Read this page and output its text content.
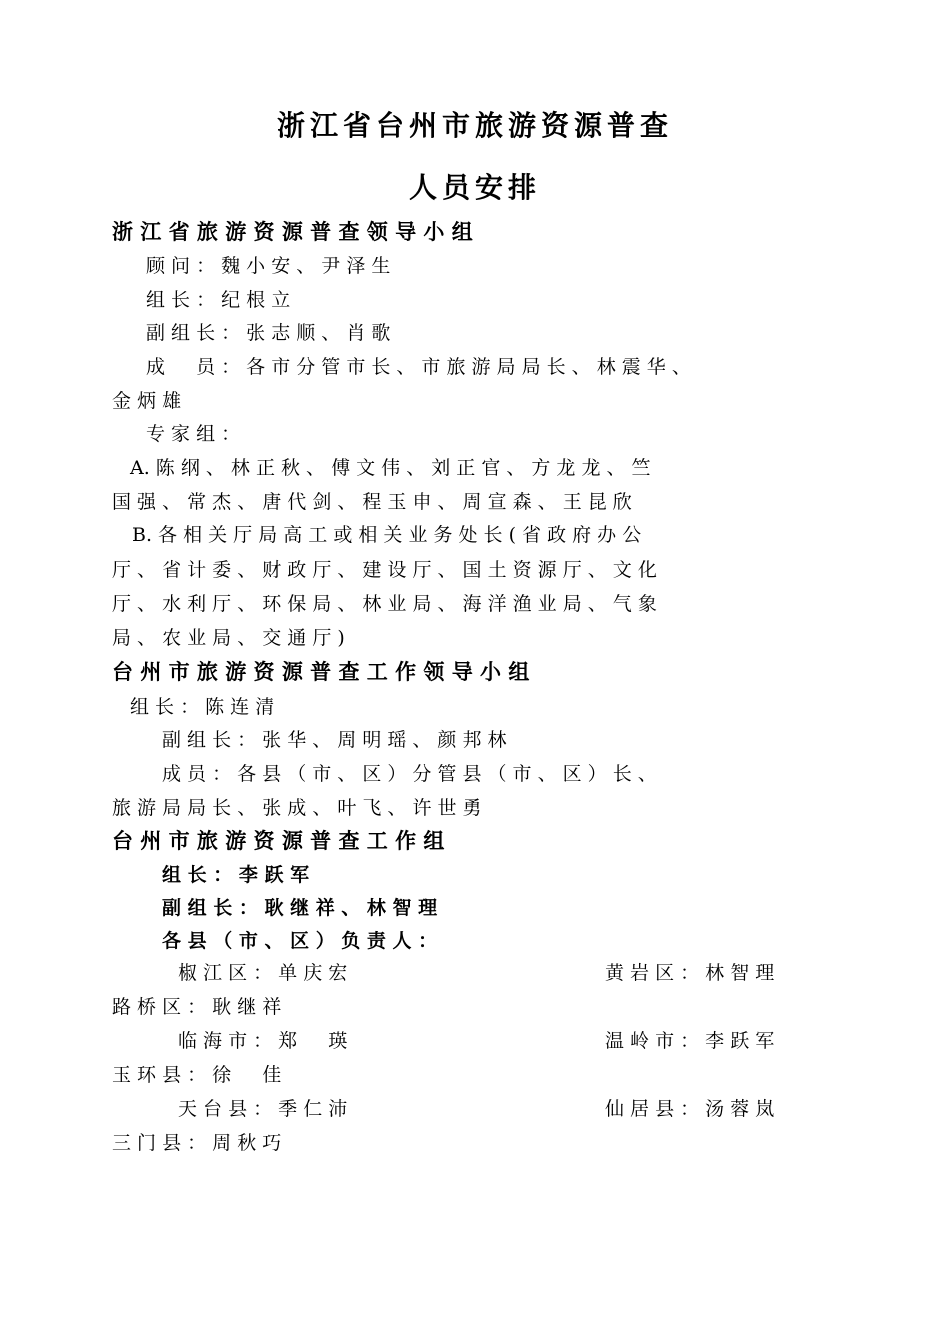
浙江省台州市旅游资源普查
人员安排
浙 江 省 旅 游 资 源 普 查 领 导 小 组
顾 问 ： 魏 小 安 、 尹 泽 生
组 长 ： 纪 根 立
副 组 长 ： 张 志 顺 、 肖 歌
成 　 员 ： 各 市 分 管 市 长 、 市 旅 游 局 局 长 、 林 震 华 、
金 炳 雄
专 家 组 ：
A. 陈 纲 、 林 正 秋 、 傅 文 伟 、 刘 正 官 、 方 龙 龙 、 竺
国 强 、 常 杰 、 唐 代 剑 、 程 玉 申 、 周 宣 森 、 王 昆 欣
B. 各 相 关 厅 局 高 工 或 相 关 业 务 处 长 ( 省 政 府 办 公
厅 、 省 计 委 、 财 政 厅 、 建 设 厅 、 国 土 资 源 厅 、 文 化
厅 、 水 利 厅 、 环 保 局 、 林 业 局 、 海 洋 渔 业 局 、 气 象
局 、 农 业 局 、 交 通 厅 )
台 州 市 旅 游 资 源 普 查 工 作 领 导 小 组
组 长 ： 陈 连 清
副 组 长 ： 张 华 、 周 明 瑶 、 颜 邦 林
成 员 ： 各 县 （ 市 、 区 ） 分 管 县 （ 市 、 区 ） 长 、
旅 游 局 局 长 、 张 成 、 叶 飞 、 许 世 勇
台 州 市 旅 游 资 源 普 查 工 作 组
组 长 ： 李 跃 军
副 组 长 ： 耿 继 祥 、 林 智 理
各 县 （ 市 、 区 ） 负 责 人 ：
椒 江 区 ： 单 庆 宏	黄 岩 区 ： 林 智 理
路 桥 区 ： 耿 继 祥
临 海 市 ： 郑 　 瑛	温 岭 市 ： 李 跃 军
玉 环 县 ： 徐 　 佳
天 台 县 ： 季 仁 沛	仙 居 县 ： 汤 蓉 岚
三 门 县 ： 周 秋 巧
